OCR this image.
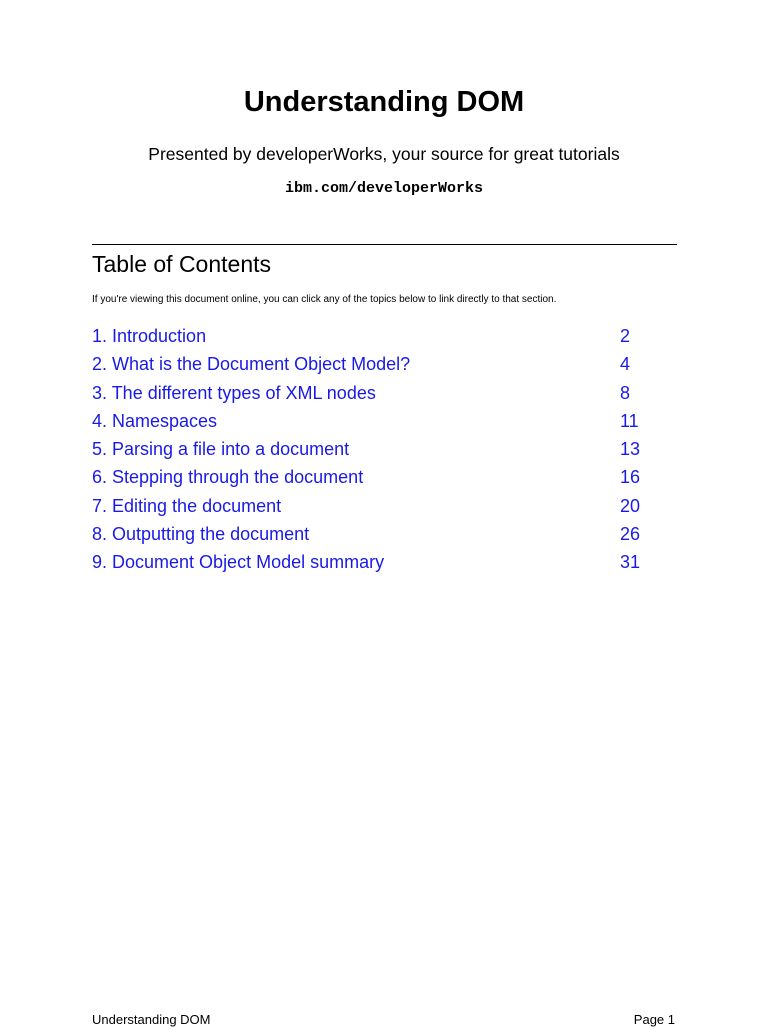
Understanding DOM
Presented by developerWorks, your source for great tutorials
ibm.com/developerWorks
Table of Contents
If you're viewing this document online, you can click any of the topics below to link directly to that section.
1. Introduction	2
2. What is the Document Object Model?	4
3. The different types of XML nodes	8
4. Namespaces	11
5. Parsing a file into a document	13
6. Stepping through the document	16
7. Editing the document	20
8. Outputting the document	26
9. Document Object Model summary	31
Understanding DOM	Page 1
